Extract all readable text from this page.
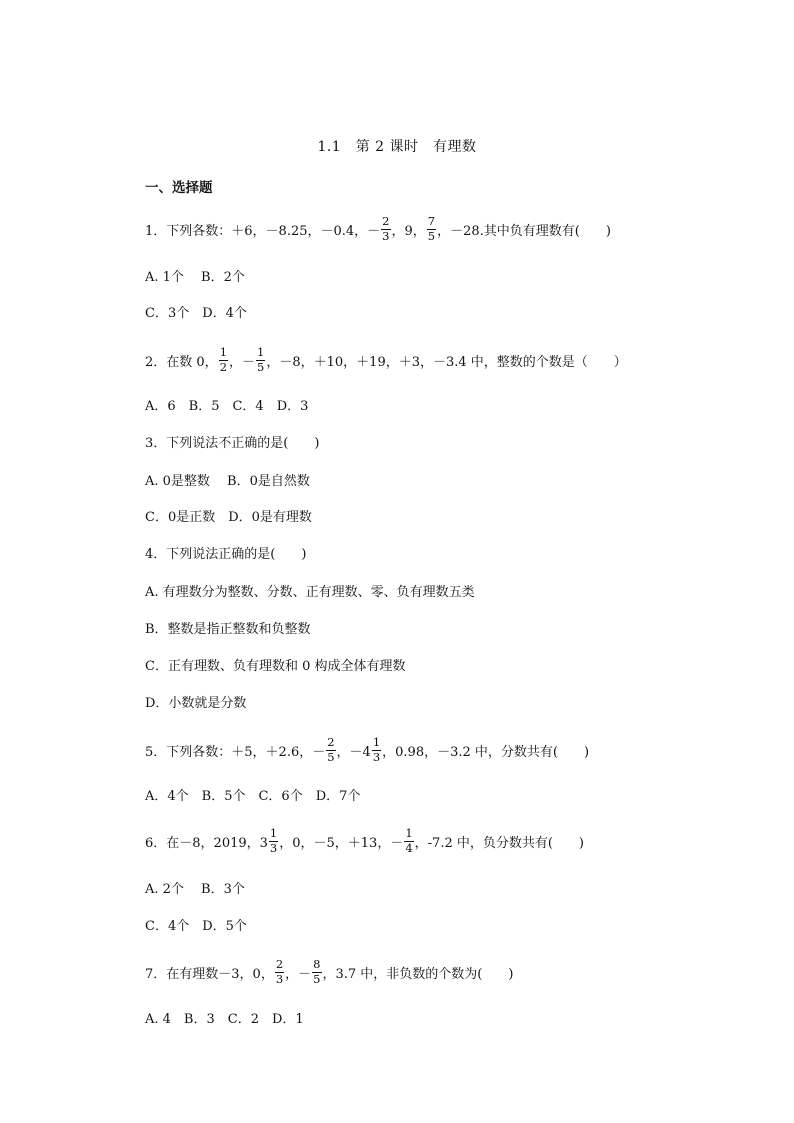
1.1　第 2 课时　有理数
一、选择题
1．下列各数：＋6，－8.25，－0.4，－ $\frac{2}{3}$ ，9， $\frac{7}{5}$ ，－28.其中负有理数有(　　)
A. 1个　 B．2个
C．3个　D．4个
2．在数 0， $\frac{1}{2}$ ，－ $\frac{1}{5}$ ，－8，＋10，＋19，＋3，－3.4 中，整数的个数是（　　）
A．6　B．5　C．4　D．3
3．下列说法不正确的是(　　)
A. 0是整数　 B．0是自然数
C．0是正数　D．0是有理数
4．下列说法正确的是(　　)
A. 有理数分为整数、分数、正有理数、零、负有理数五类
B．整数是指正整数和负整数
C．正有理数、负有理数和 0 构成全体有理数
D．小数就是分数
5．下列各数：＋5，＋2.6，－ $\frac{2}{5}$ ，$-4 \frac{1}{3}$ ，0.98，－3.2 中，分数共有(　　)
A．4个　B．5个　C．6个　D．7个
6．在－8，2019，$3 \frac{1}{3}$ ，0，－5，＋13，－ $\frac{1}{4}$ ，-7.2 中，负分数共有(　　)
A. 2个　 B．3个
C．4个　D．5个
7．在有理数－3，0， $\frac{2}{3}$ ，－ $\frac{8}{5}$ ，3.7 中，非负数的个数为(　　)
A. 4　B．3　C．2　D．1
